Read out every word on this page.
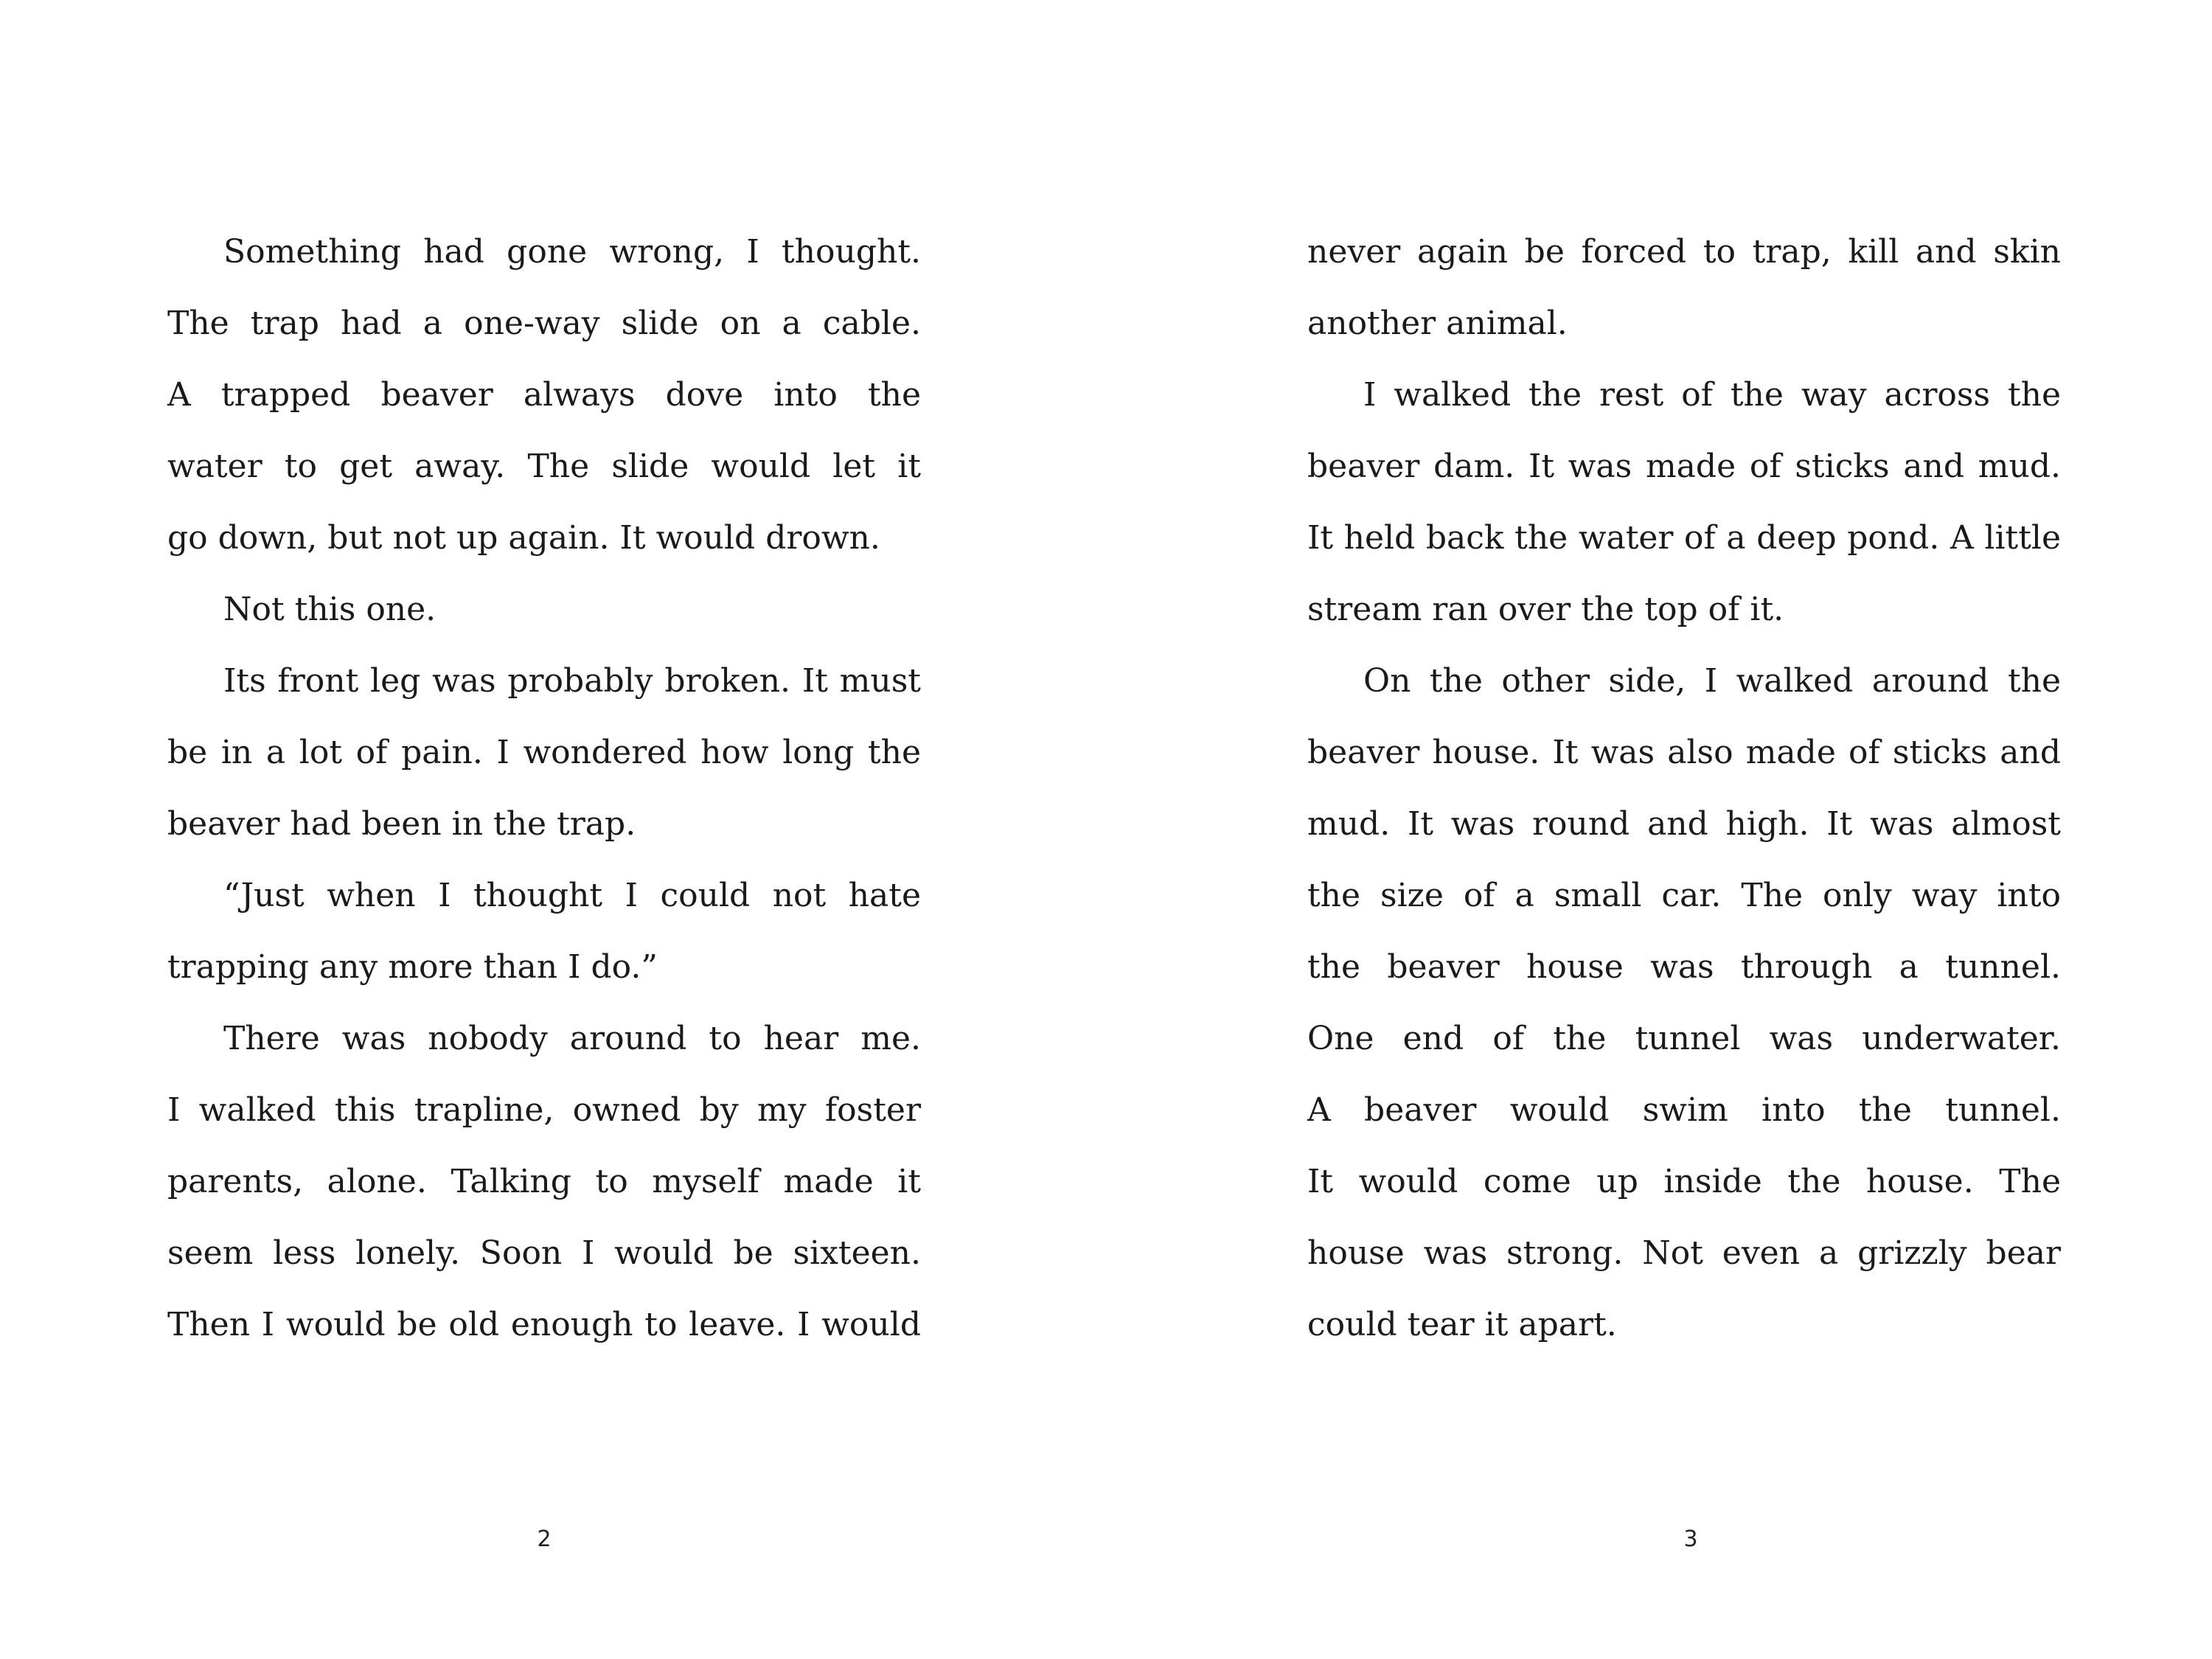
Something had gone wrong, I thought.
The trap had a one-way slide on a cable.
A trapped beaver always dove into the
water to get away. The slide would let it
go down, but not up again. It would drown.
Not this one.
Its front leg was probably broken. It must
be in a lot of pain. I wondered how long the
beaver had been in the trap.
“Just when I thought I could not hate
trapping any more than I do.”
There was nobody around to hear me.
I walked this trapline, owned by my foster
parents, alone. Talking to myself made it
seem less lonely. Soon I would be sixteen.
Then I would be old enough to leave. I would
2
never again be forced to trap, kill and skin
another animal.
I walked the rest of the way across the
beaver dam. It was made of sticks and mud.
It held back the water of a deep pond. A little
stream ran over the top of it.
On the other side, I walked around the
beaver house. It was also made of sticks and
mud. It was round and high. It was almost
the size of a small car. The only way into
the beaver house was through a tunnel.
One end of the tunnel was underwater.
A beaver would swim into the tunnel.
It would come up inside the house. The
house was strong. Not even a grizzly bear
could tear it apart.
3
